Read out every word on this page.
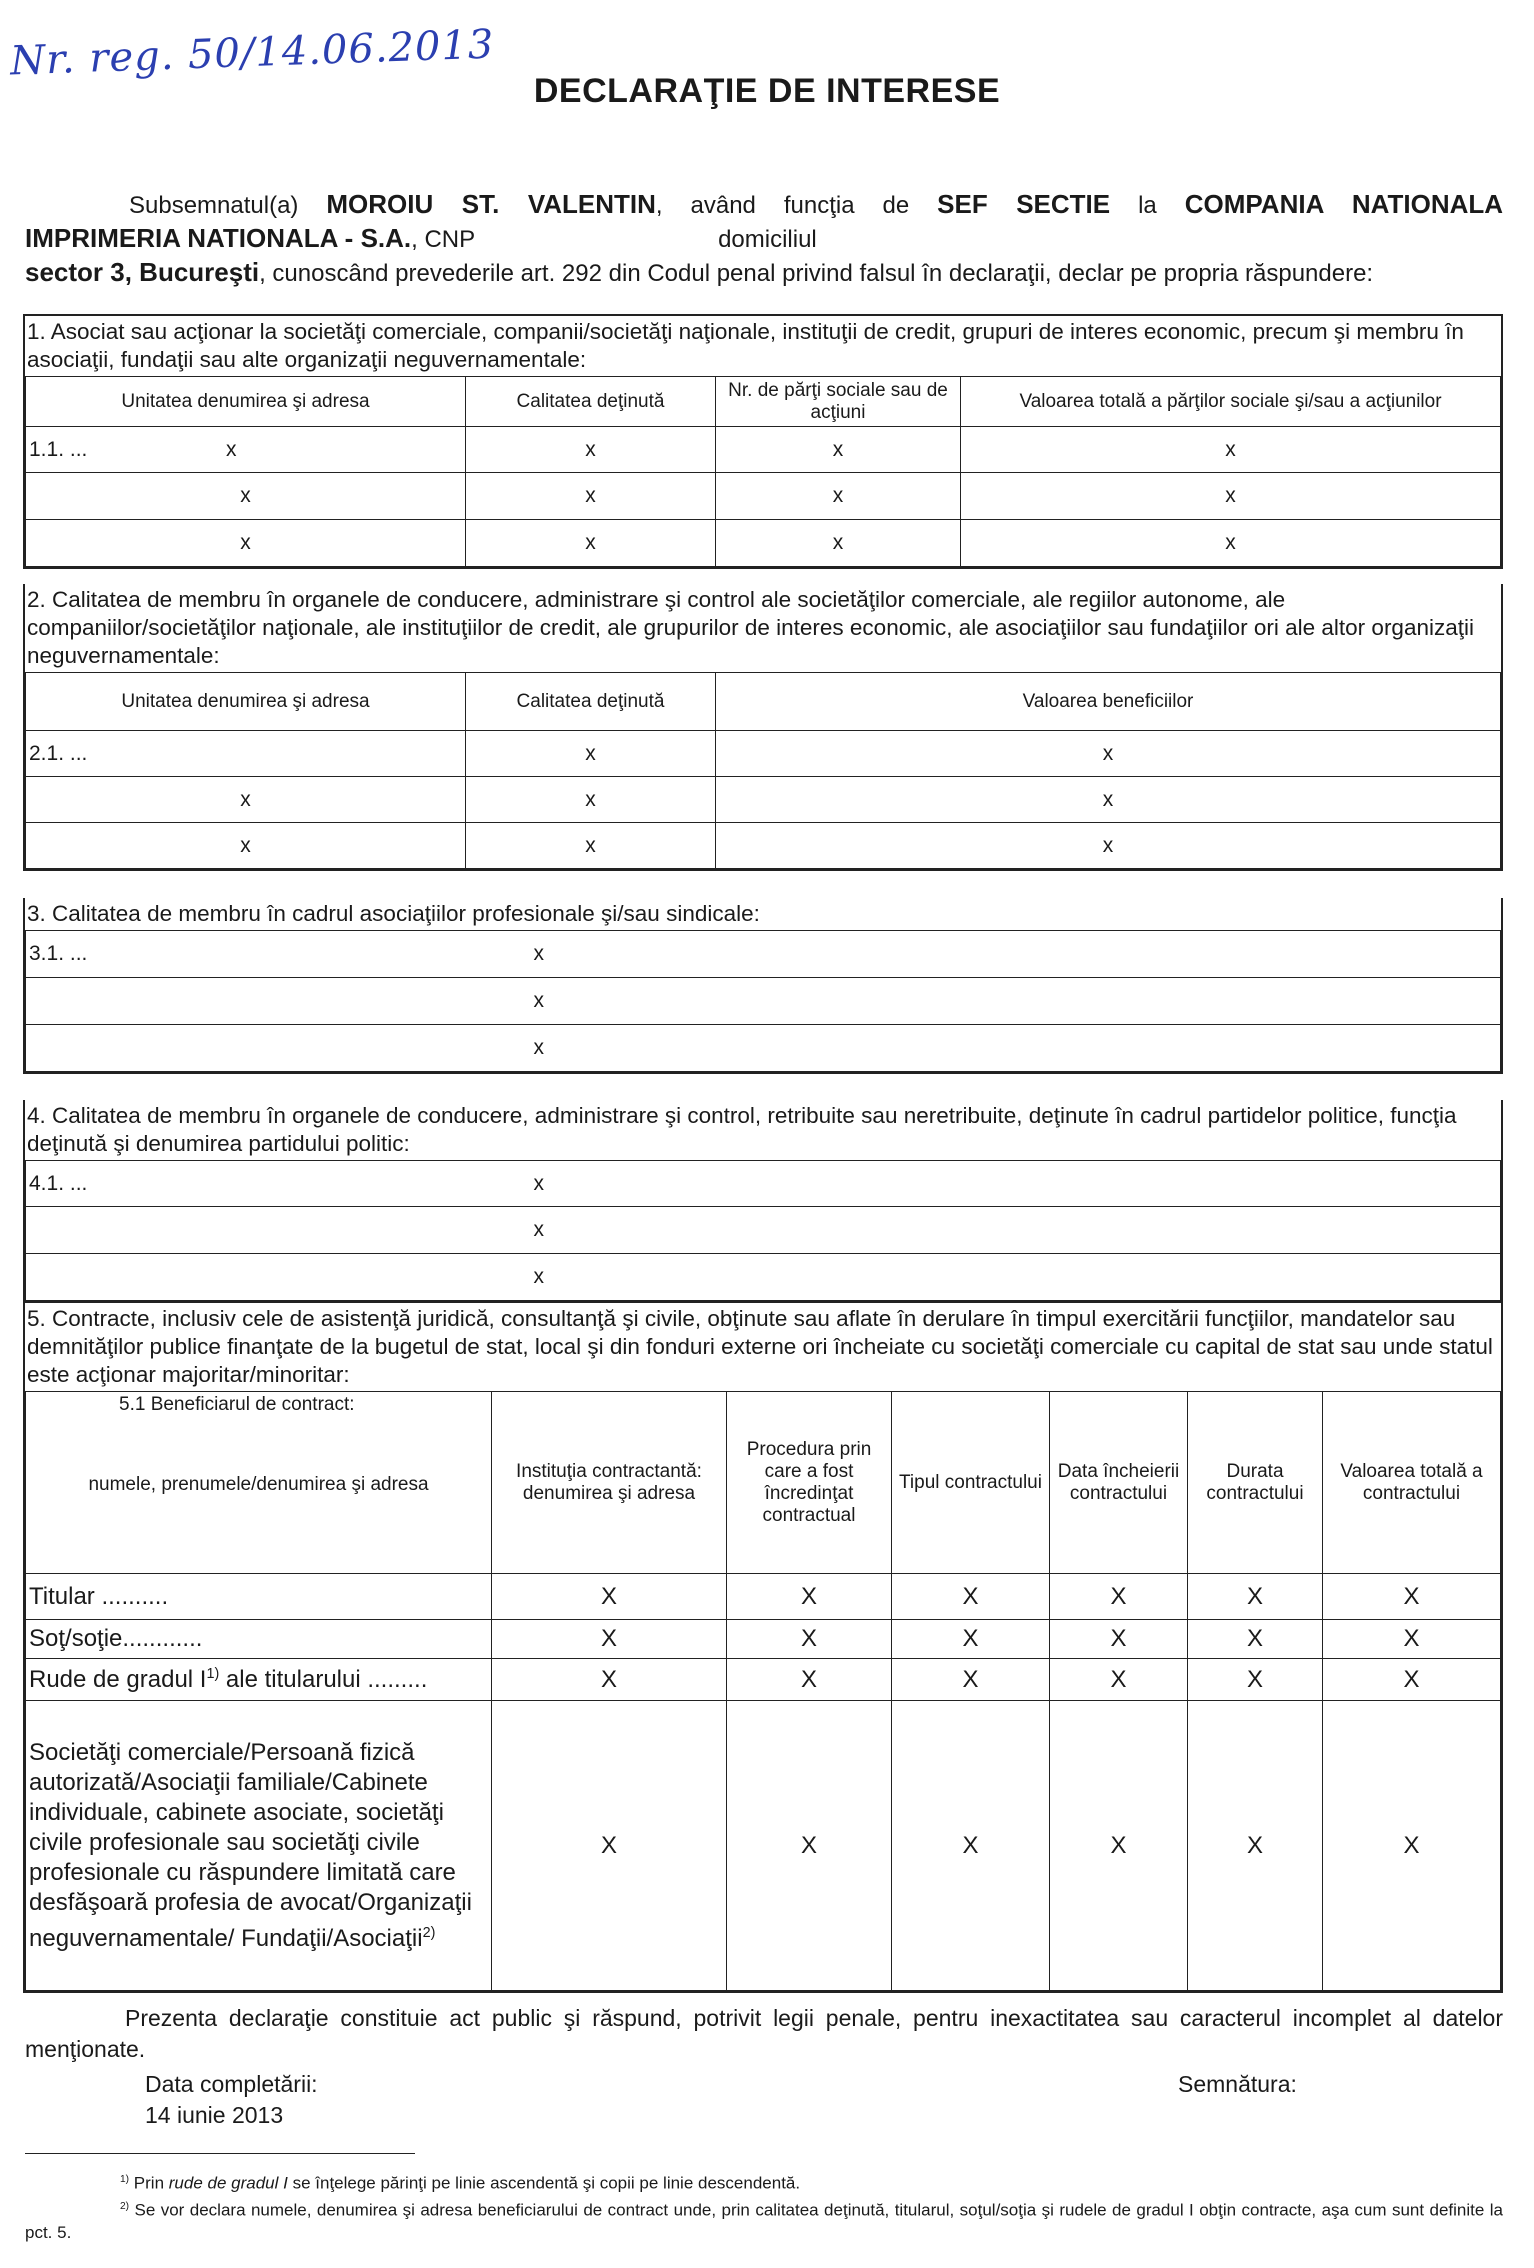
Nr. reg. 50/14.06.2013
DECLARAŢIE DE INTERESE
Subsemnatul(a) MOROIU ST. VALENTIN, având funcţia de SEF SECTIE la COMPANIA NATIONALA
IMPRIMERIA NATIONALA - S.A., CNP	domiciliul
sector 3, Bucureşti, cunoscând prevederile art. 292 din Codul penal privind falsul în declaraţii, declar pe propria răspundere:
1. Asociat sau acţionar la societăţi comerciale, companii/societăţi naţionale, instituţii de credit, grupuri de interes economic, precum şi membru în asociaţii, fundaţii sau alte organizaţii neguvernamentale:
Unitatea denumirea şi adresa	Calitatea deţinută	Nr. de părţi sociale sau de acţiuni	Valoarea totală a părţilor sociale şi/sau a acţiunilor
1.1. ... x	x	x	x
x	x	x	x
x	x	x	x
2. Calitatea de membru în organele de conducere, administrare şi control ale societăţilor comerciale, ale regiilor autonome, ale companiilor/societăţilor naţionale, ale instituţiilor de credit, ale grupurilor de interes economic, ale asociaţiilor sau fundaţiilor ori ale altor organizaţii neguvernamentale:
Unitatea denumirea şi adresa	Calitatea deţinută	Valoarea beneficiilor
2.1. ...	x	x
x	x	x
x	x	x
3. Calitatea de membru în cadrul asociaţiilor profesionale şi/sau sindicale:
3.1. ...	x
	x
	x
4. Calitatea de membru în organele de conducere, administrare şi control, retribuite sau neretribuite, deţinute în cadrul partidelor politice, funcţia deţinută şi denumirea partidului politic:
4.1. ...	x
	x
	x
5. Contracte, inclusiv cele de asistenţă juridică, consultanţă şi civile, obţinute sau aflate în derulare în timpul exercitării funcţiilor, mandatelor sau demnităţilor publice finanţate de la bugetul de stat, local şi din fonduri externe ori încheiate cu societăţi comerciale cu capital de stat sau unde statul este acţionar majoritar/minoritar:
5.1 Beneficiarul de contract:
numele, prenumele/denumirea şi adresa	Instituţia contractantă: denumirea şi adresa	Procedura prin care a fost încredinţat contractual	Tipul contractului	Data încheierii contractului	Durata contractului	Valoarea totală a contractului
Titular ..........	X	X	X	X	X	X
Soţ/soţie............	X	X	X	X	X	X
Rude de gradul $I^{1)}$ ale titularului .........	X	X	X	X	X	X
Societăţi comerciale/Persoană fizică autorizată/Asociaţii familiale/Cabinete individuale, cabinete asociate, societăţi civile profesionale sau societăţi civile profesionale cu răspundere limitată care desfăşoară profesia de avocat/Organizaţii neguvernamentale/ Fundaţii/Asociaţii$^{2)}$	X	X	X	X	X	X
Prezenta declaraţie constituie act public şi răspund, potrivit legii penale, pentru inexactitatea sau caracterul incomplet al datelor menţionate.
Data completării:
14 iunie 2013
Semnătura:
$^{1)}$ Prin rude de gradul I se înţelege părinţi pe linie ascendentă şi copii pe linie descendentă.
$^{2)}$ Se vor declara numele, denumirea şi adresa beneficiarului de contract unde, prin calitatea deţinută, titularul, soţul/soţia şi rudele de gradul I obţin contracte, aşa cum sunt definite la pct. 5.
